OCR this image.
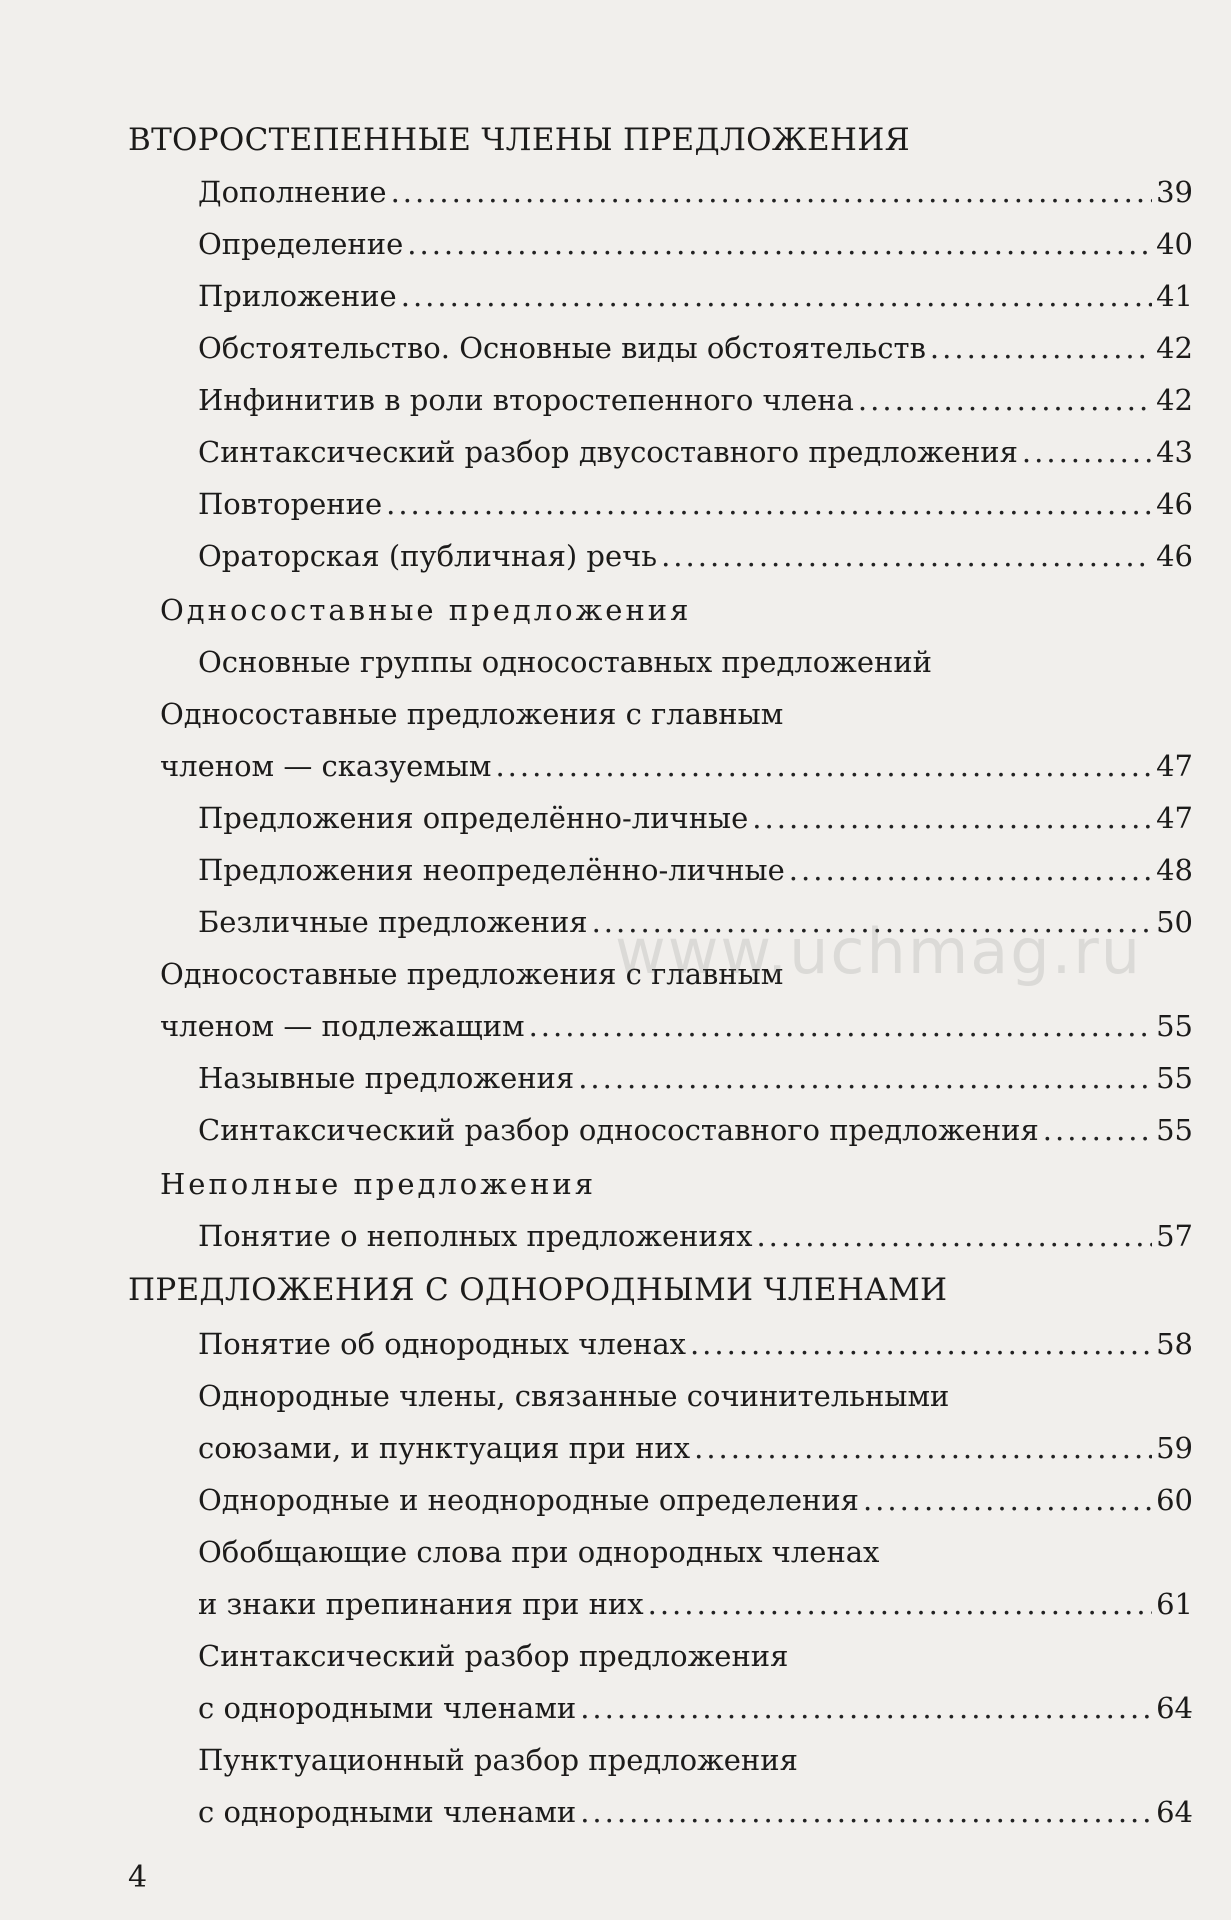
ВТОРОСТЕПЕННЫЕ ЧЛЕНЫ ПРЕДЛОЖЕНИЯ
Дополнение .....	39
Определение .....	40
Приложение .....	41
Обстоятельство. Основные виды обстоятельств .....	42
Инфинитив в роли второстепенного члена .....	42
Синтаксический разбор двусоставного предложения .....	43
Повторение .....	46
Ораторская (публичная) речь .....	46
Односоставные предложения
Основные группы односоставных предложений
Односоставные предложения с главным
членом — сказуемым .....	47
Предложения определённо-личные .....	47
Предложения неопределённо-личные .....	48
Безличные предложения .....	50
Односоставные предложения с главным
членом — подлежащим .....	55
Назывные предложения .....	55
Синтаксический разбор односоставного предложения .....	55
Неполные предложения
Понятие о неполных предложениях .....	57
ПРЕДЛОЖЕНИЯ С ОДНОРОДНЫМИ ЧЛЕНАМИ
Понятие об однородных членах .....	58
Однородные члены, связанные сочинительными
союзами, и пунктуация при них .....	59
Однородные и неоднородные определения .....	60
Обобщающие слова при однородных членах
и знаки препинания при них .....	61
Синтаксический разбор предложения
с однородными членами .....	64
Пунктуационный разбор предложения
с однородными членами .....	64
4
www.uchmag.ru
